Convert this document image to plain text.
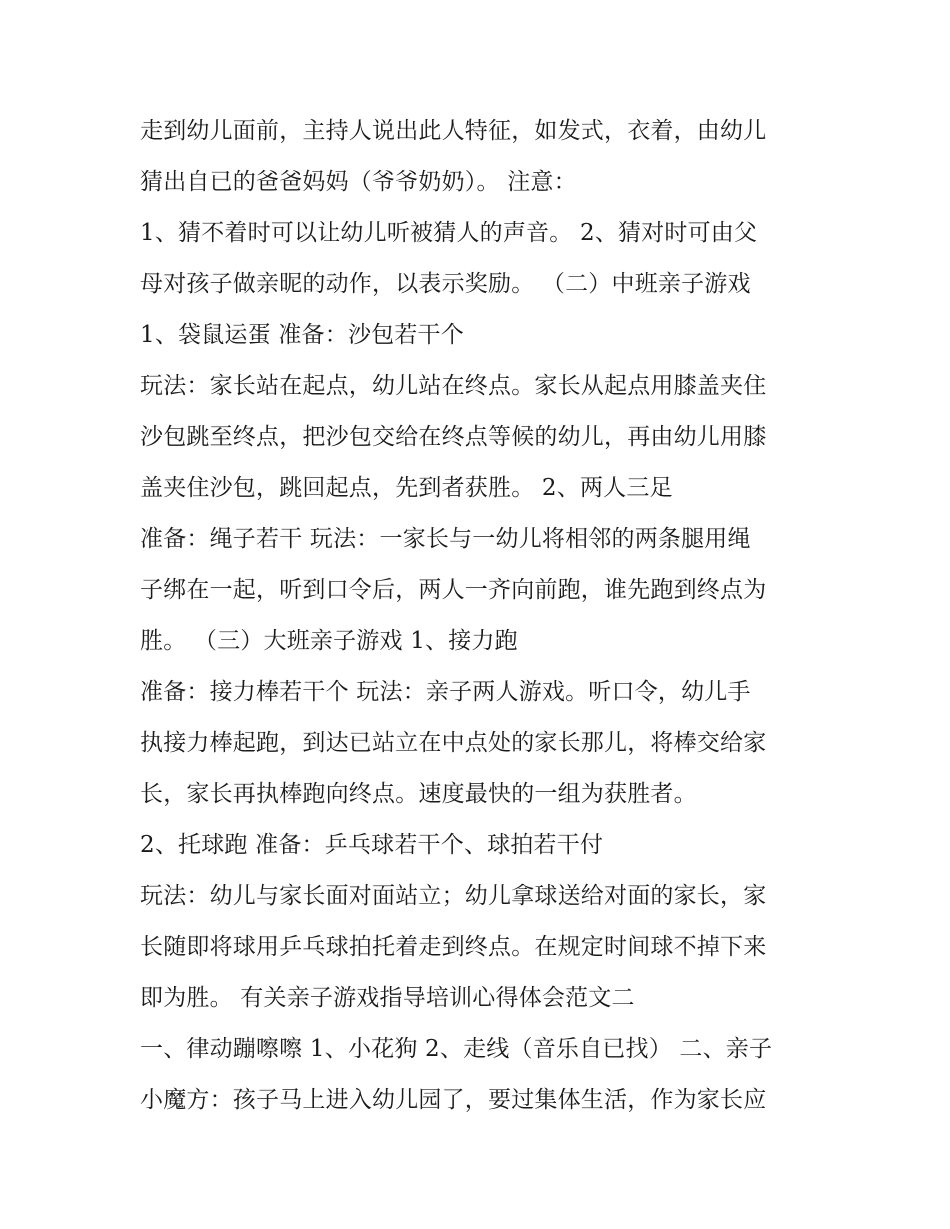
走到幼儿面前，主持人说出此人特征，如发式，衣着，由幼儿
猜出自已的爸爸妈妈（爷爷奶奶）。 注意：
1、猜不着时可以让幼儿听被猜人的声音。 2、猜对时可由父
母对孩子做亲昵的动作，以表示奖励。 （二）中班亲子游戏
1、袋鼠运蛋 准备：沙包若干个
玩法：家长站在起点，幼儿站在终点。家长从起点用膝盖夹住
沙包跳至终点，把沙包交给在终点等候的幼儿，再由幼儿用膝
盖夹住沙包，跳回起点，先到者获胜。 2、两人三足
准备：绳子若干 玩法：一家长与一幼儿将相邻的两条腿用绳
子绑在一起，听到口令后，两人一齐向前跑，谁先跑到终点为
胜。 （三）大班亲子游戏 1、接力跑
准备：接力棒若干个 玩法：亲子两人游戏。听口令，幼儿手
执接力棒起跑，到达已站立在中点处的家长那儿，将棒交给家
长，家长再执棒跑向终点。速度最快的一组为获胜者。
2、托球跑 准备：乒乓球若干个、球拍若干付
玩法：幼儿与家长面对面站立；幼儿拿球送给对面的家长，家
长随即将球用乒乓球拍托着走到终点。在规定时间球不掉下来
即为胜。 有关亲子游戏指导培训心得体会范文二
一、律动蹦嚓嚓 1、小花狗 2、走线（音乐自已找） 二、亲子
小魔方：孩子马上进入幼儿园了，要过集体生活，作为家长应
